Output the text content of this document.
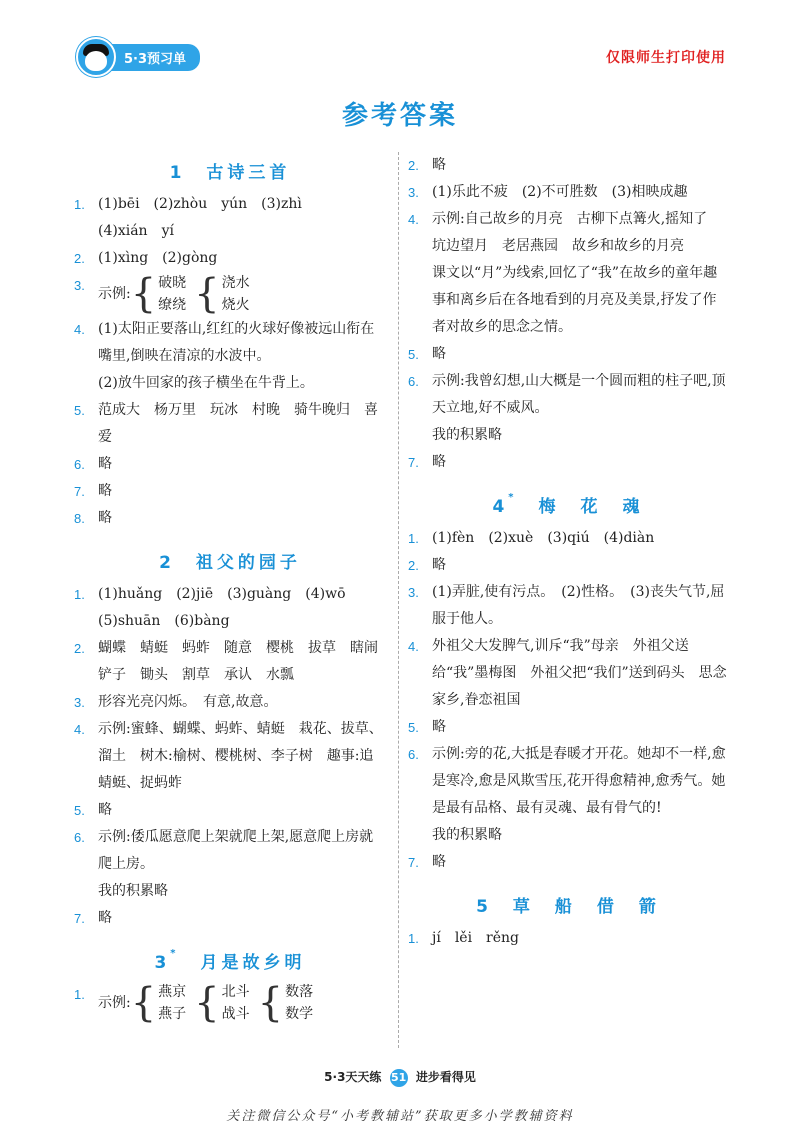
5·3预习单	仅限师生打印使用
参考答案
1　古诗三首
1. (1)bēi　(2)zhòu　yún　(3)zhì
(4)xián　yí
2. (1)xìng　(2)gòng
3. 示例: { 破晓
缭绕 { 浇水
烧火
4. (1)太阳正要落山,红红的火球好像被远山衔在嘴里,倒映在清凉的水波中。
(2)放牛回家的孩子横坐在牛背上。
5. 范成大　杨万里　玩冰　村晚　骑牛晚归　喜爱
6. 略
7. 略
8. 略
2　祖父的园子
1. (1)huǎng　(2)jiē　(3)guàng　(4)wō
(5)shuān　(6)bàng
2. 蝴蝶　蜻蜓　蚂蚱　随意　樱桃　拔草　瞎闹　铲子　锄头　割草　承认　水瓢
3. 形容光亮闪烁。　有意,故意。
4. 示例:蜜蜂、蝴蝶、蚂蚱、蜻蜓　栽花、拔草、溜土　树木:榆树、樱桃树、李子树　趣事:追蜻蜓、捉蚂蚱
5. 略
6. 示例:倭瓜愿意爬上架就爬上架,愿意爬上房就爬上房。
我的积累略
7. 略
3*　月是故乡明
1. 示例: { 燕京
燕子 { 北斗
战斗 { 数落
数学
2. 略
3. (1)乐此不疲　(2)不可胜数　(3)相映成趣
4. 示例:自己故乡的月亮　古柳下点篝火,摇知了　坑边望月　老居燕园　故乡和故乡的月亮
课文以“月”为线索,回忆了“我”在故乡的童年趣事和离乡后在各地看到的月亮及美景,抒发了作者对故乡的思念之情。
5. 略
6. 示例:我曾幻想,山大概是一个圆而粗的柱子吧,顶天立地,好不威风。
我的积累略
7. 略
4*　梅　花　魂
1. (1)fèn　(2)xuè　(3)qiú　(4)diàn
2. 略
3. (1)弄脏,使有污点。　(2)性格。　(3)丧失气节,屈服于他人。
4. 外祖父大发脾气,训斥“我”母亲　外祖父送给“我”墨梅图　外祖父把“我们”送到码头　思念家乡,眷恋祖国
5. 略
6. 示例:旁的花,大抵是春暖才开花。她却不一样,愈是寒冷,愈是风欺雪压,花开得愈精神,愈秀气。她是最有品格、最有灵魂、最有骨气的!
我的积累略
7. 略
5　草　船　借　箭
1. jí　lěi　rěng
5·3天天练 51 进步看得见
关注微信公众号“小考教辅站”获取更多小学教辅资料
